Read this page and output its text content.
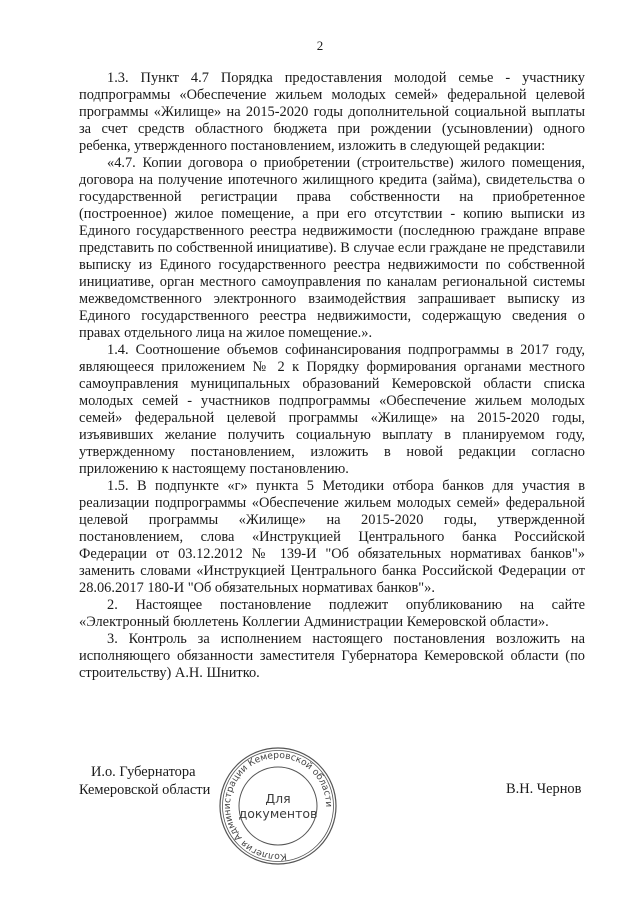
2

1.3. Пункт 4.7 Порядка предоставления молодой семье - участнику подпрограммы «Обеспечение жильем молодых семей» федеральной целевой программы «Жилище» на 2015-2020 годы дополнительной социальной выплаты за счет средств областного бюджета при рождении (усыновлении) одного ребенка, утвержденного постановлением, изложить в следующей редакции:

«4.7. Копии договора о приобретении (строительстве) жилого помещения, договора на получение ипотечного жилищного кредита (займа), свидетельства о государственной регистрации права собственности на приобретенное (построенное) жилое помещение, а при его отсутствии - копию выписки из Единого государственного реестра недвижимости (последнюю граждане вправе представить по собственной инициативе). В случае если граждане не представили выписку из Единого государственного реестра недвижимости по собственной инициативе, орган местного самоуправления по каналам региональной системы межведомственного электронного взаимодействия запрашивает выписку из Единого государственного реестра недвижимости, содержащую сведения о правах отдельного лица на жилое помещение.».

1.4. Соотношение объемов софинансирования подпрограммы в 2017 году, являющееся приложением № 2 к Порядку формирования органами местного самоуправления муниципальных образований Кемеровской области списка молодых семей - участников подпрограммы «Обеспечение жильем молодых семей» федеральной целевой программы «Жилище» на 2015-2020 годы, изъявивших желание получить социальную выплату в планируемом году, утвержденному постановлением, изложить в новой редакции согласно приложению к настоящему постановлению.

1.5. В подпункте «г» пункта 5 Методики отбора банков для участия в реализации подпрограммы «Обеспечение жильем молодых семей» федеральной целевой программы «Жилище» на 2015-2020 годы, утвержденной постановлением, слова «Инструкцией Центрального банка Российской Федерации от 03.12.2012 № 139-И "Об обязательных нормативах банков"» заменить словами «Инструкцией Центрального банка Российской Федерации от 28.06.2017 180-И "Об обязательных нормативах банков"».

2. Настоящее постановление подлежит опубликованию на сайте «Электронный бюллетень Коллегии Администрации Кемеровской области».

3. Контроль за исполнением настоящего постановления возложить на исполняющего обязанности заместителя Губернатора Кемеровской области (по строительству) А.Н. Шнитко.

И.о. Губернатора
Кемеровской области
Коллегия Администрации Кемеровской области
Для
документов
В.Н. Чернов
